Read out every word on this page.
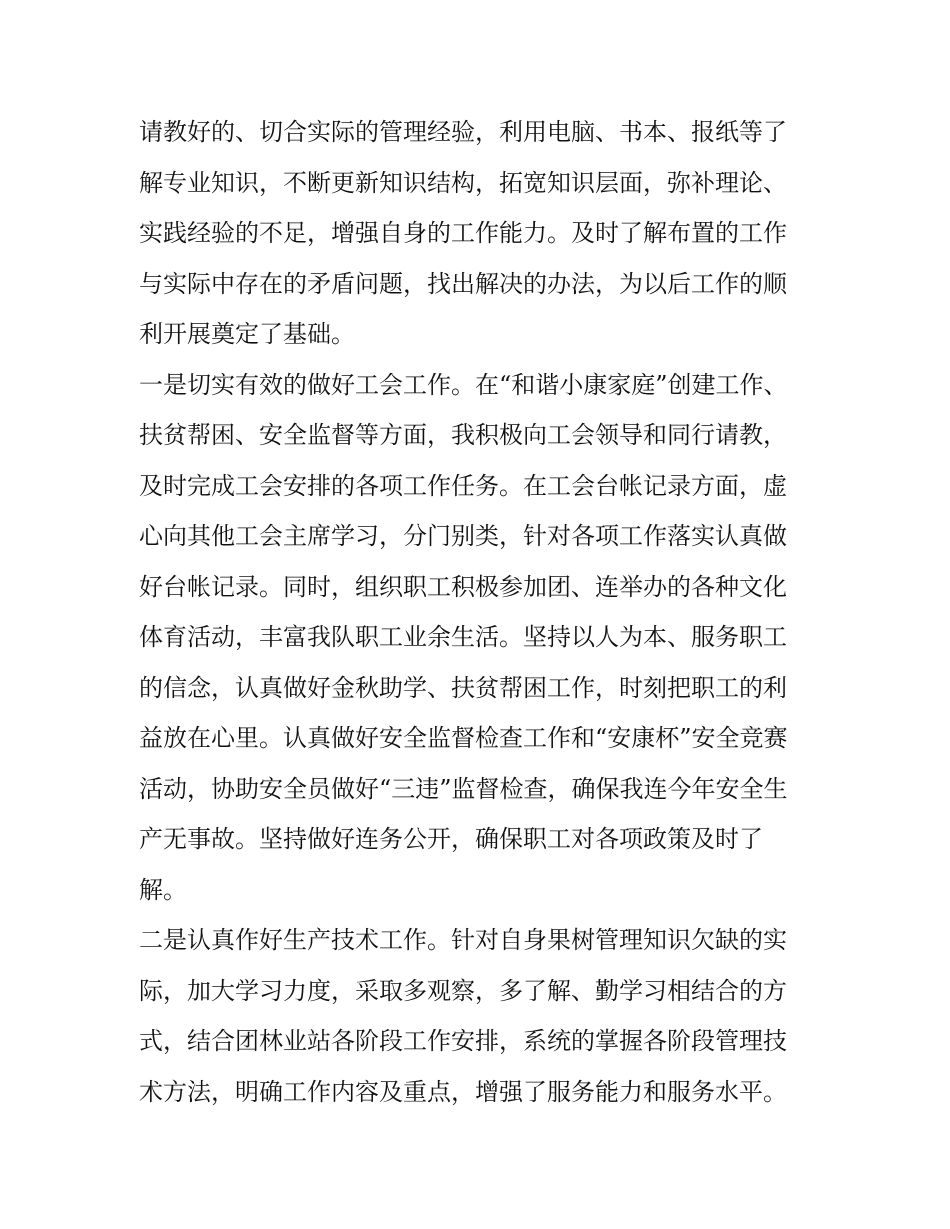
请教好的、切合实际的管理经验，利用电脑、书本、报纸等了
解专业知识，不断更新知识结构，拓宽知识层面，弥补理论、
实践经验的不足，增强自身的工作能力。及时了解布置的工作
与实际中存在的矛盾问题，找出解决的办法，为以后工作的顺
利开展奠定了基础。
一是切实有效的做好工会工作。在“和谐小康家庭”创建工作、
扶贫帮困、安全监督等方面，我积极向工会领导和同行请教，
及时完成工会安排的各项工作任务。在工会台帐记录方面，虚
心向其他工会主席学习，分门别类，针对各项工作落实认真做
好台帐记录。同时，组织职工积极参加团、连举办的各种文化
体育活动，丰富我队职工业余生活。坚持以人为本、服务职工
的信念，认真做好金秋助学、扶贫帮困工作，时刻把职工的利
益放在心里。认真做好安全监督检查工作和“安康杯”安全竞赛
活动，协助安全员做好“三违”监督检查，确保我连今年安全生
产无事故。坚持做好连务公开，确保职工对各项政策及时了
解。
二是认真作好生产技术工作。针对自身果树管理知识欠缺的实
际，加大学习力度，采取多观察，多了解、勤学习相结合的方
式，结合团林业站各阶段工作安排，系统的掌握各阶段管理技
术方法，明确工作内容及重点，增强了服务能力和服务水平。
